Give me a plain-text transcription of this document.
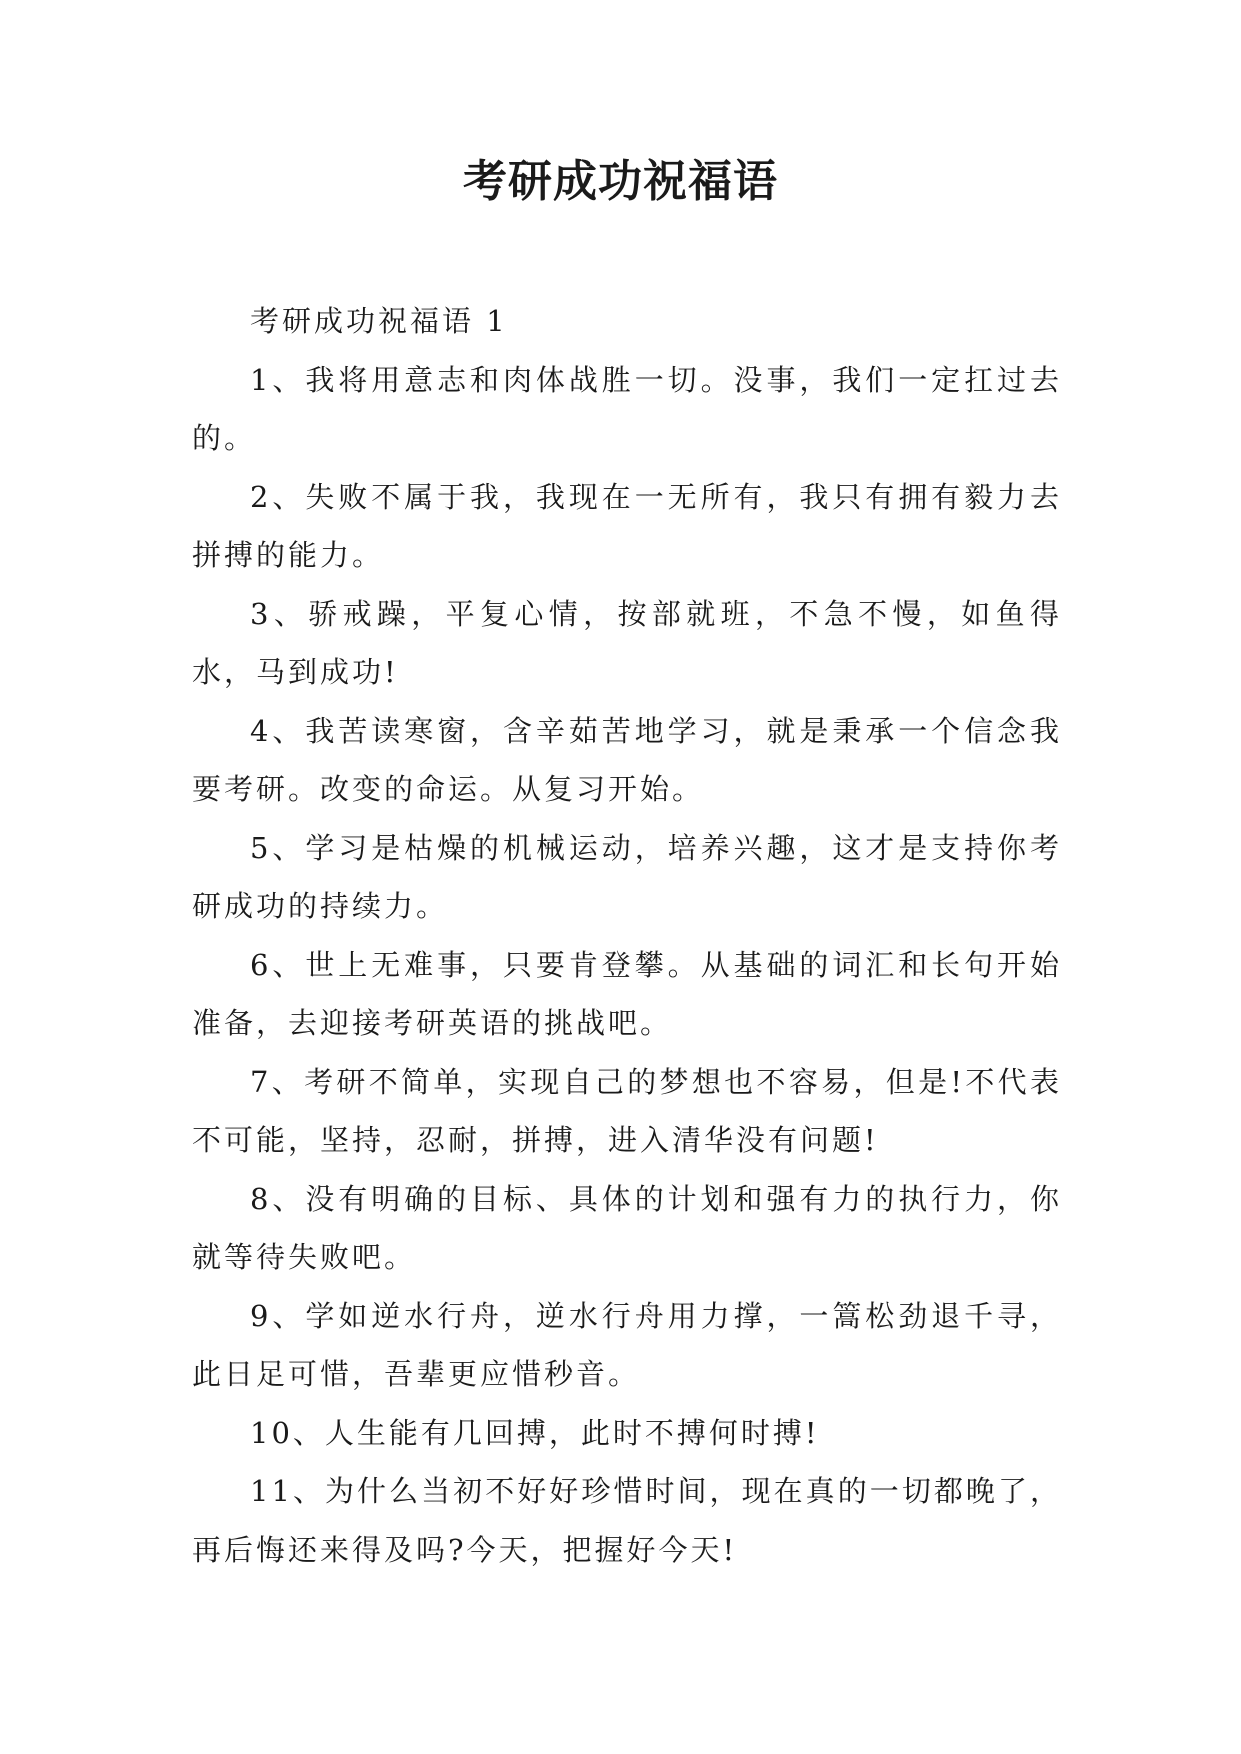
考研成功祝福语

考研成功祝福语 1

1、我将用意志和肉体战胜一切。没事，我们一定扛过去的。

2、失败不属于我，我现在一无所有，我只有拥有毅力去拼搏的能力。

3、骄戒躁，平复心情，按部就班，不急不慢，如鱼得水，马到成功!

4、我苦读寒窗，含辛茹苦地学习，就是秉承一个信念我要考研。改变的命运。从复习开始。

5、学习是枯燥的机械运动，培养兴趣，这才是支持你考研成功的持续力。

6、世上无难事，只要肯登攀。从基础的词汇和长句开始准备，去迎接考研英语的挑战吧。

7、考研不简单，实现自己的梦想也不容易，但是!不代表不可能，坚持，忍耐，拼搏，进入清华没有问题!

8、没有明确的目标、具体的计划和强有力的执行力，你就等待失败吧。

9、学如逆水行舟，逆水行舟用力撑，一篙松劲退千寻，此日足可惜，吾辈更应惜秒音。

10、人生能有几回搏，此时不搏何时搏!

11、为什么当初不好好珍惜时间，现在真的一切都晚了，再后悔还来得及吗?今天，把握好今天!
